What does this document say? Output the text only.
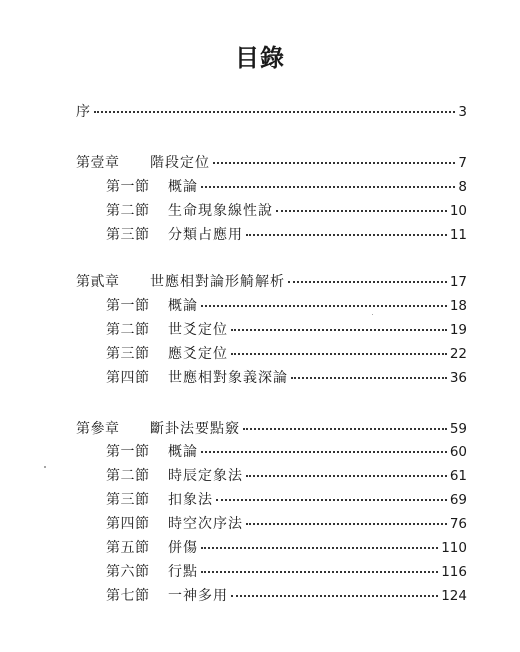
目錄
序	3
第壹章	階段定位	7
第一節	概論	8
第二節	生命現象線性說	10
第三節	分類占應用	11
第貳章	世應相對論形觭解析	17
第一節	概論	18
第二節	世爻定位	19
第三節	應爻定位	22
第四節	世應相對象義深論	36
第參章	斷卦法要點竅	59
第一節	概論	60
第二節	時辰定象法	61
第三節	扣象法	69
第四節	時空次序法	76
第五節	併傷	110
第六節	行點	116
第七節	一神多用	124
